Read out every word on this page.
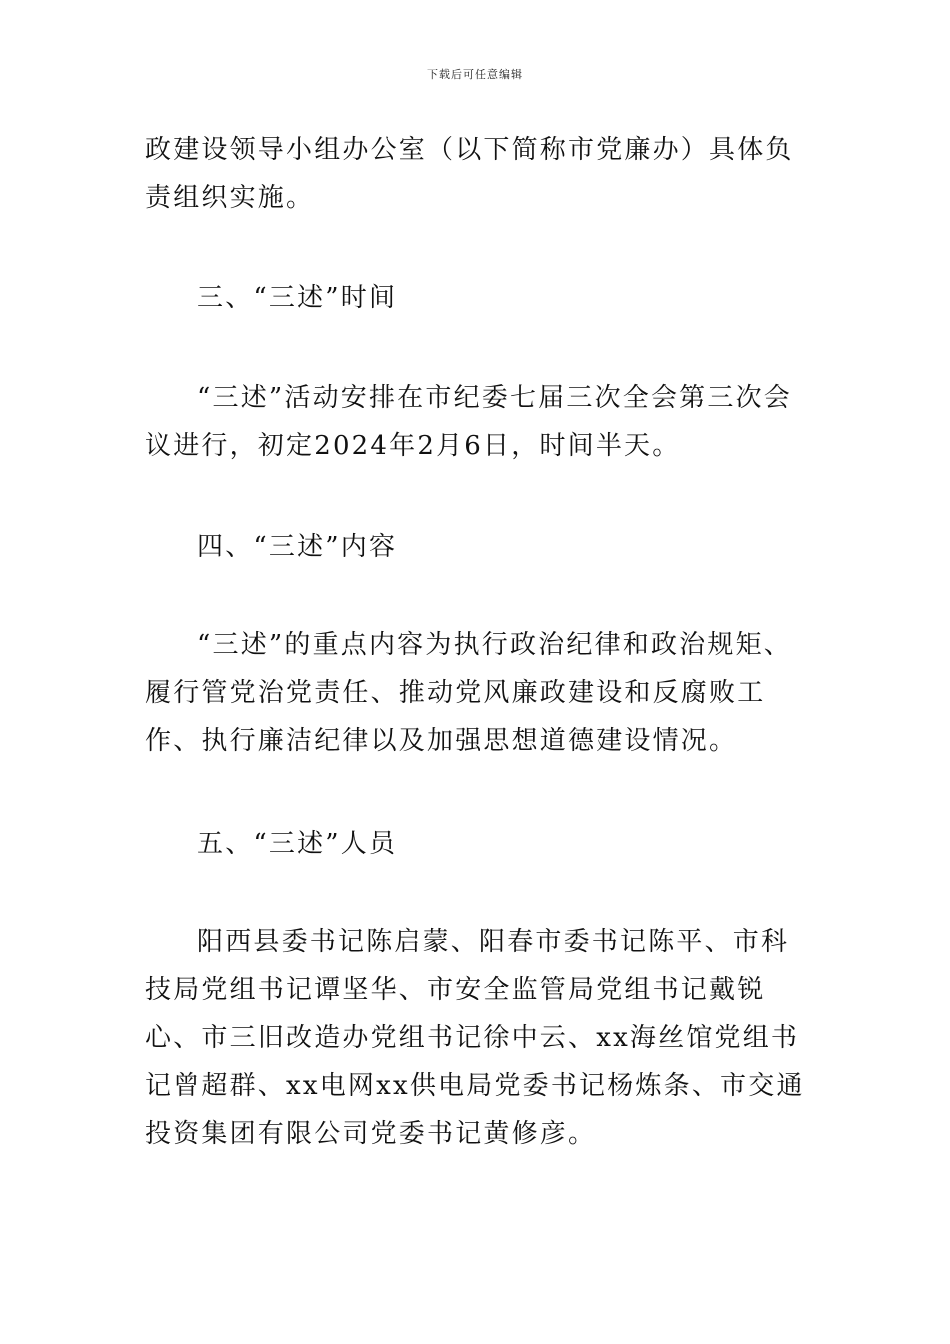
下载后可任意编辑

政建设领导小组办公室（以下简称市党廉办）具体负责组织实施。

三、“三述”时间

“三述”活动安排在市纪委七届三次全会第三次会议进行，初定2024年2月6日，时间半天。

四、“三述”内容

“三述”的重点内容为执行政治纪律和政治规矩、履行管党治党责任、推动党风廉政建设和反腐败工作、执行廉洁纪律以及加强思想道德建设情况。

五、“三述”人员

阳西县委书记陈启蒙、阳春市委书记陈平、市科技局党组书记谭坚华、市安全监管局党组书记戴锐心、市三旧改造办党组书记徐中云、xx海丝馆党组书记曾超群、xx电网xx供电局党委书记杨炼条、市交通投资集团有限公司党委书记黄修彦。
